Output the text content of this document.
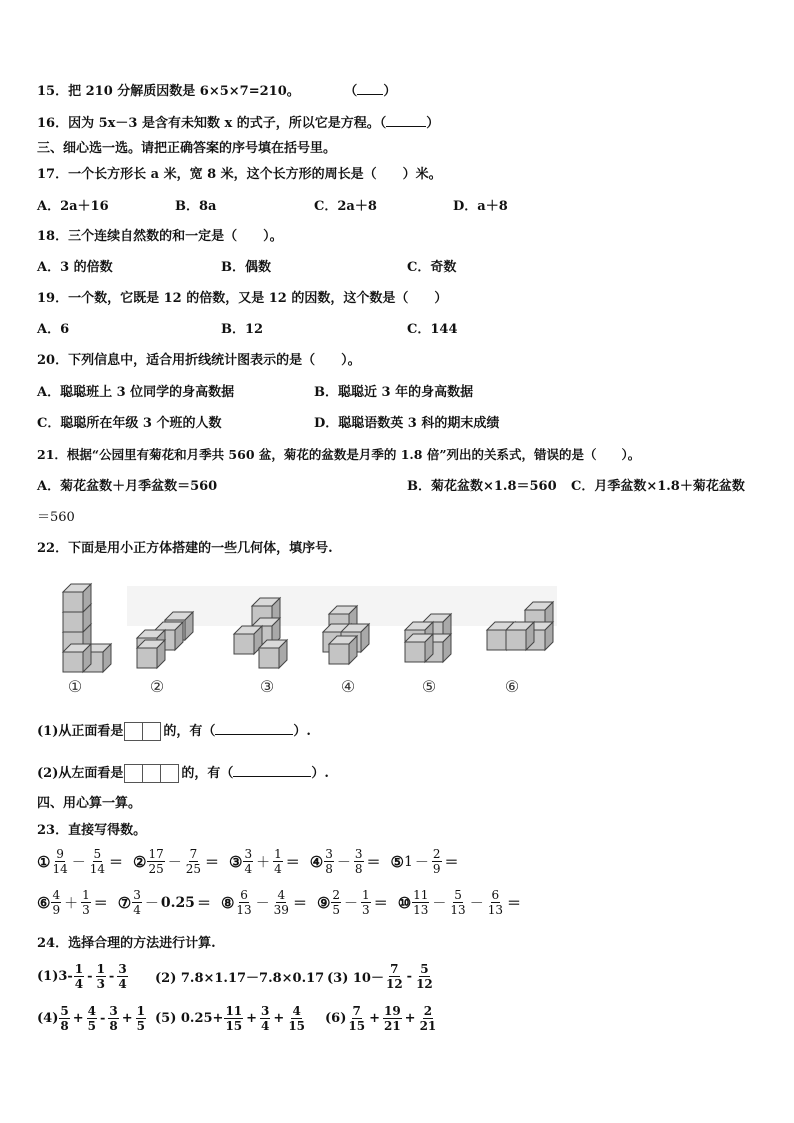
15．把 210 分解质因数是 6×5×7=210。	（ ）
16．因为 5x－3 是含有未知数 x 的式子，所以它是方程。（	）
三、细心选一选。请把正确答案的序号填在括号里。
17．一个长方形长 a 米，宽 8 米，这个长方形的周长是（　　）米。
A．2a＋16	B．8a	C．2a＋8	D．a＋8
18．三个连续自然数的和一定是（　　）。
A．3 的倍数	B．偶数	C．奇数
19．一个数，它既是 12 的倍数，又是 12 的因数，这个数是（　　）
A．6	B．12	C．144
20．下列信息中，适合用折线统计图表示的是（　　）。
A．聪聪班上 3 位同学的身高数据	B．聪聪近 3 年的身高数据
C．聪聪所在年级 3 个班的人数	D．聪聪语数英 3 科的期末成绩
21．根据“公园里有菊花和月季共 560 盆，菊花的盆数是月季的 1.8 倍”列出的关系式，错误的是（　　）。
A．菊花盆数＋月季盆数＝560	B．菊花盆数×1.8＝560 C．月季盆数×1.8＋菊花盆数
＝560
22．下面是用小正方体搭建的一些几何体，填序号.
①	②	③	④	⑤	⑥
(1)从正面看是	的，有（	）.
(2)从左面看是	的，有（	）.
四、用心算一算。
23．直接写得数。
① $\frac{9}{14} - \frac{5}{14}$ ＝ ② $\frac{17}{25} - \frac{7}{25}$ ＝ ③ $\frac{3}{4} + \frac{1}{4}$ ＝ ④ $\frac{3}{8} - \frac{3}{8}$ ＝ ⑤ $1 - \frac{2}{9}$ ＝
⑥ $\frac{4}{9} + \frac{1}{3}$ ＝ ⑦ $\frac{3}{4} - 0.25$ ＝ ⑧ $\frac{6}{13} - \frac{4}{39}$ ＝ ⑨ $\frac{2}{5} - \frac{1}{3}$ ＝ ⑩ $\frac{11}{13} - \frac{5}{13} - \frac{6}{13}$ ＝
24．选择合理的方法进行计算.
$(1)3- \frac{1}{4} - \frac{1}{3} - \frac{3}{4} (2)$ 7.8×1.17－7.8×0.17 (3) $10- \frac{7}{12} - \frac{5}{12}$
$(4) \frac{5}{8} + \frac{4}{5} - \frac{3}{8} + \frac{1}{5} (5)$ $0.25+ \frac{11}{15} + \frac{3}{4} + \frac{4}{15} (6) \frac{7}{15} + \frac{19}{21} + \frac{2}{21}$
